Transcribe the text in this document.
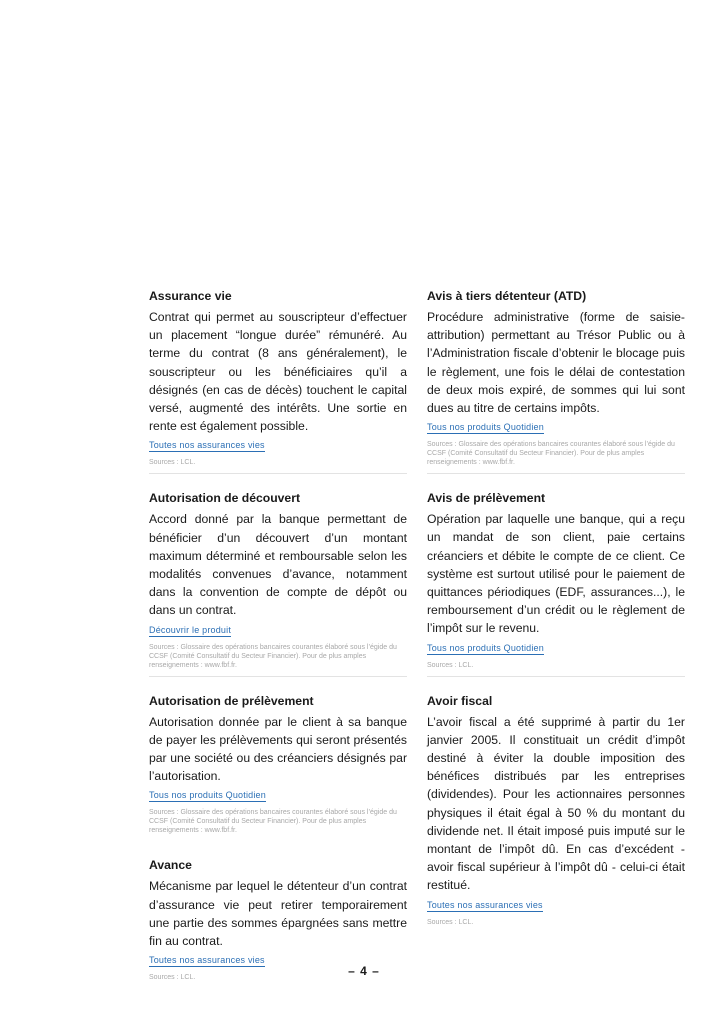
Assurance vie

Contrat qui permet au souscripteur d’effectuer un placement “longue durée” rémunéré. Au terme du contrat (8 ans généralement), le souscripteur ou les bénéficiaires qu’il a désignés (en cas de décès) touchent le capital versé, augmenté des intérêts. Une sortie en rente est également possible.

Toutes nos assurances vies
Sources : LCL.
Autorisation de découvert

Accord donné par la banque permettant de bénéficier d’un découvert d’un montant maximum déterminé et remboursable selon les modalités convenues d’avance, notamment dans la convention de compte de dépôt ou dans un contrat.

Découvrir le produit
Sources : Glossaire des opérations bancaires courantes élaboré sous l’égide du CCSF (Comité Consultatif du Secteur Financier). Pour de plus amples renseignements : www.fbf.fr.
Autorisation de prélèvement

Autorisation donnée par le client à sa banque de payer les prélèvements qui seront présentés par une société ou des créanciers désignés par l’autorisation.

Tous nos produits Quotidien
Sources : Glossaire des opérations bancaires courantes élaboré sous l’égide du CCSF (Comité Consultatif du Secteur Financier). Pour de plus amples renseignements : www.fbf.fr.
Avance

Mécanisme par lequel le détenteur d’un contrat d’assurance vie peut retirer temporairement une partie des sommes épargnées sans mettre fin au contrat.

Toutes nos assurances vies
Sources : LCL.
Avis à tiers détenteur (ATD)

Procédure administrative (forme de saisie-attribution) permettant au Trésor Public ou à l’Administration fiscale d’obtenir le blocage puis le règlement, une fois le délai de contestation de deux mois expiré, de sommes qui lui sont dues au titre de certains impôts.

Tous nos produits Quotidien
Sources : Glossaire des opérations bancaires courantes élaboré sous l’égide du CCSF (Comité Consultatif du Secteur Financier). Pour de plus amples renseignements : www.fbf.fr.
Avis de prélèvement

Opération par laquelle une banque, qui a reçu un mandat de son client, paie certains créanciers et débite le compte de ce client. Ce système est surtout utilisé pour le paiement de quittances périodiques (EDF, assurances...), le remboursement d’un crédit ou le règlement de l’impôt sur le revenu.

Tous nos produits Quotidien
Sources : LCL.
Avoir fiscal

L’avoir fiscal a été supprimé à partir du 1er janvier 2005. Il constituait un crédit d’impôt destiné à éviter la double imposition des bénéfices distribués par les entreprises (dividendes). Pour les actionnaires personnes physiques il était égal à 50 % du montant du dividende net. Il était imposé puis imputé sur le montant de l’impôt dû. En cas d’excédent - avoir fiscal supérieur à l’impôt dû - celui-ci était restitué.

Toutes nos assurances vies
Sources : LCL.
– 4 –
